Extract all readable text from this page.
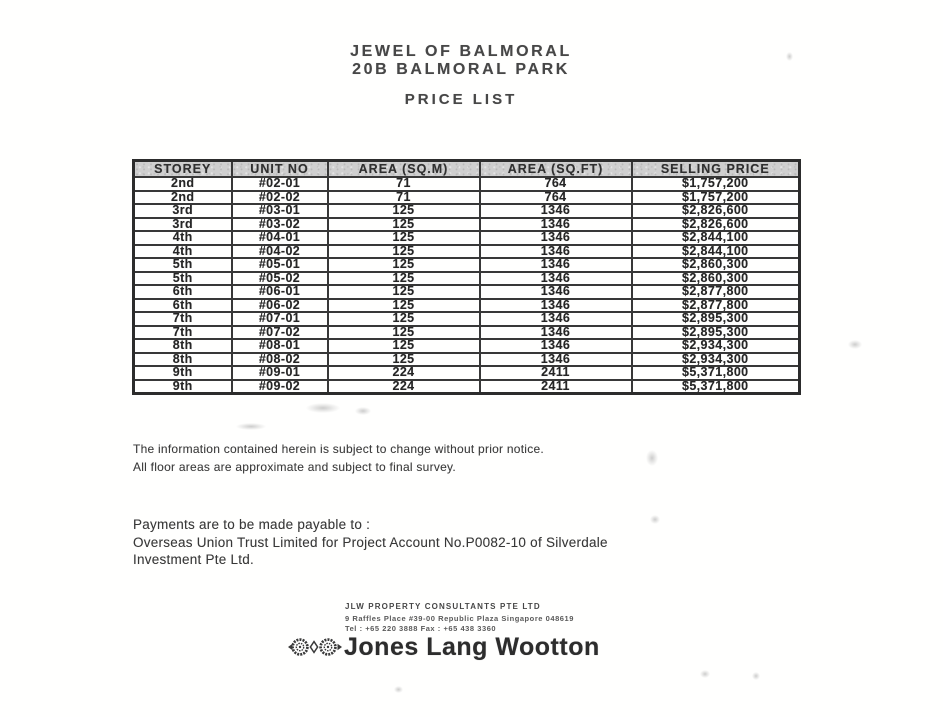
JEWEL OF BALMORAL
20B BALMORAL PARK
PRICE LIST
STOREY	UNIT NO	AREA (SQ.M)	AREA (SQ.FT)	SELLING PRICE
2nd	#02-01	71	764	$1,757,200
2nd	#02-02	71	764	$1,757,200
3rd	#03-01	125	1346	$2,826,600
3rd	#03-02	125	1346	$2,826,600
4th	#04-01	125	1346	$2,844,100
4th	#04-02	125	1346	$2,844,100
5th	#05-01	125	1346	$2,860,300
5th	#05-02	125	1346	$2,860,300
6th	#06-01	125	1346	$2,877,800
6th	#06-02	125	1346	$2,877,800
7th	#07-01	125	1346	$2,895,300
7th	#07-02	125	1346	$2,895,300
8th	#08-01	125	1346	$2,934,300
8th	#08-02	125	1346	$2,934,300
9th	#09-01	224	2411	$5,371,800
9th	#09-02	224	2411	$5,371,800
The information contained herein is subject to change without prior notice.
All floor areas are approximate and subject to final survey.
Payments are to be made payable to :
Overseas Union Trust Limited for Project Account No.P0082-10 of Silverdale
Investment Pte Ltd.
JLW PROPERTY CONSULTANTS PTE LTD
9 Raffles Place #39-00 Republic Plaza Singapore 048619
Tel : +65 220 3888 Fax : +65 438 3360
Jones Lang Wootton
